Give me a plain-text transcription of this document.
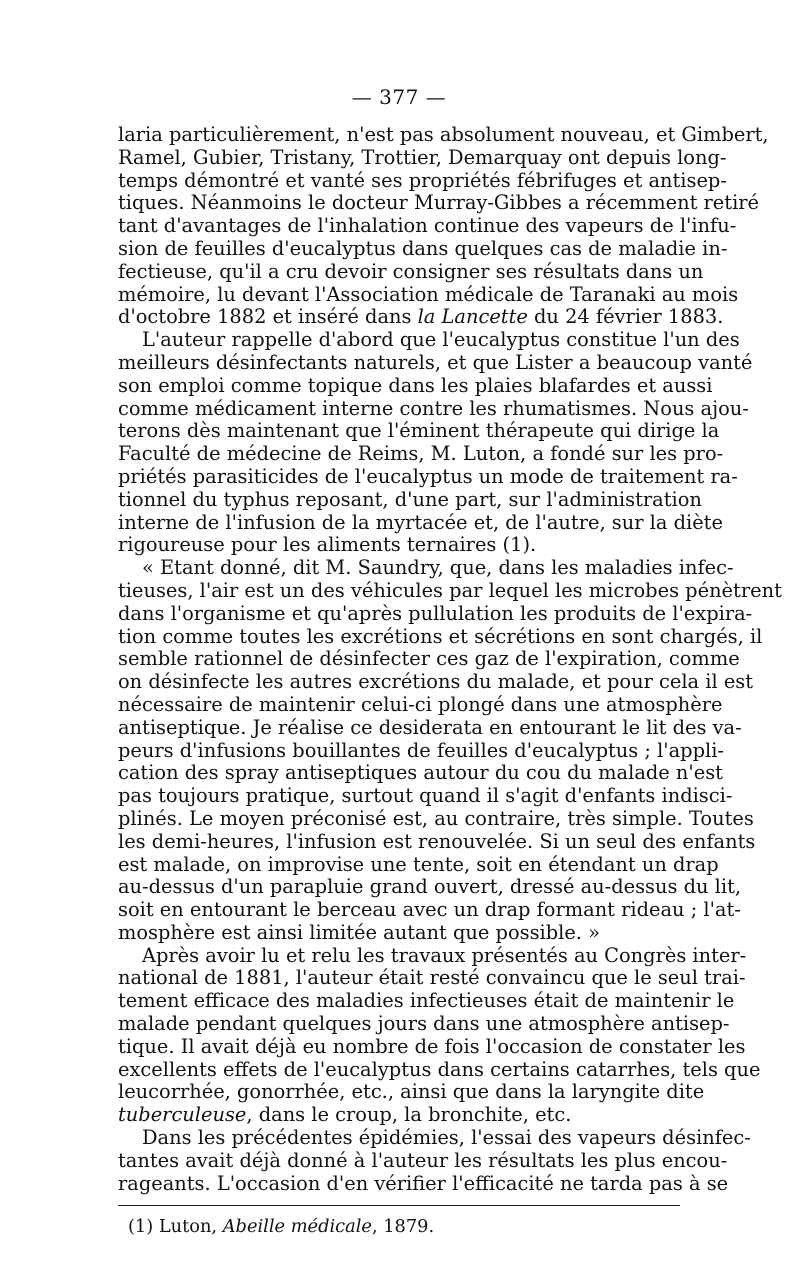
— 377 —
laria particulièrement, n'est pas absolument nouveau, et Gimbert,
Ramel, Gubier, Tristany, Trottier, Demarquay ont depuis long-
temps démontré et vanté ses propriétés fébrifuges et antisep-
tiques. Néanmoins le docteur Murray-Gibbes a récemment retiré
tant d'avantages de l'inhalation continue des vapeurs de l'infu-
sion de feuilles d'eucalyptus dans quelques cas de maladie in-
fectieuse, qu'il a cru devoir consigner ses résultats dans un
mémoire, lu devant l'Association médicale de Taranaki au mois
d'octobre 1882 et inséré dans la Lancette du 24 février 1883.
L'auteur rappelle d'abord que l'eucalyptus constitue l'un des
meilleurs désinfectants naturels, et que Lister a beaucoup vanté
son emploi comme topique dans les plaies blafardes et aussi
comme médicament interne contre les rhumatismes. Nous ajou-
terons dès maintenant que l'éminent thérapeute qui dirige la
Faculté de médecine de Reims, M. Luton, a fondé sur les pro-
priétés parasiticides de l'eucalyptus un mode de traitement ra-
tionnel du typhus reposant, d'une part, sur l'administration
interne de l'infusion de la myrtacée et, de l'autre, sur la diète
rigoureuse pour les aliments ternaires (1).
« Etant donné, dit M. Saundry, que, dans les maladies infec-
tieuses, l'air est un des véhicules par lequel les microbes pénètrent
dans l'organisme et qu'après pullulation les produits de l'expira-
tion comme toutes les excrétions et sécrétions en sont chargés, il
semble rationnel de désinfecter ces gaz de l'expiration, comme
on désinfecte les autres excrétions du malade, et pour cela il est
nécessaire de maintenir celui-ci plongé dans une atmosphère
antiseptique. Je réalise ce desiderata en entourant le lit des va-
peurs d'infusions bouillantes de feuilles d'eucalyptus ; l'appli-
cation des spray antiseptiques autour du cou du malade n'est
pas toujours pratique, surtout quand il s'agit d'enfants indisci-
plinés. Le moyen préconisé est, au contraire, très simple. Toutes
les demi-heures, l'infusion est renouvelée. Si un seul des enfants
est malade, on improvise une tente, soit en étendant un drap
au-dessus d'un parapluie grand ouvert, dressé au-dessus du lit,
soit en entourant le berceau avec un drap formant rideau ; l'at-
mosphère est ainsi limitée autant que possible. »
Après avoir lu et relu les travaux présentés au Congrès inter-
national de 1881, l'auteur était resté convaincu que le seul trai-
tement efficace des maladies infectieuses était de maintenir le
malade pendant quelques jours dans une atmosphère antisep-
tique. Il avait déjà eu nombre de fois l'occasion de constater les
excellents effets de l'eucalyptus dans certains catarrhes, tels que
leucorrhée, gonorrhée, etc., ainsi que dans la laryngite dite
tuberculeuse, dans le croup, la bronchite, etc.
Dans les précédentes épidémies, l'essai des vapeurs désinfec-
tantes avait déjà donné à l'auteur les résultats les plus encou-
rageants. L'occasion d'en vérifier l'efficacité ne tarda pas à se
(1) Luton, Abeille médicale, 1879.
